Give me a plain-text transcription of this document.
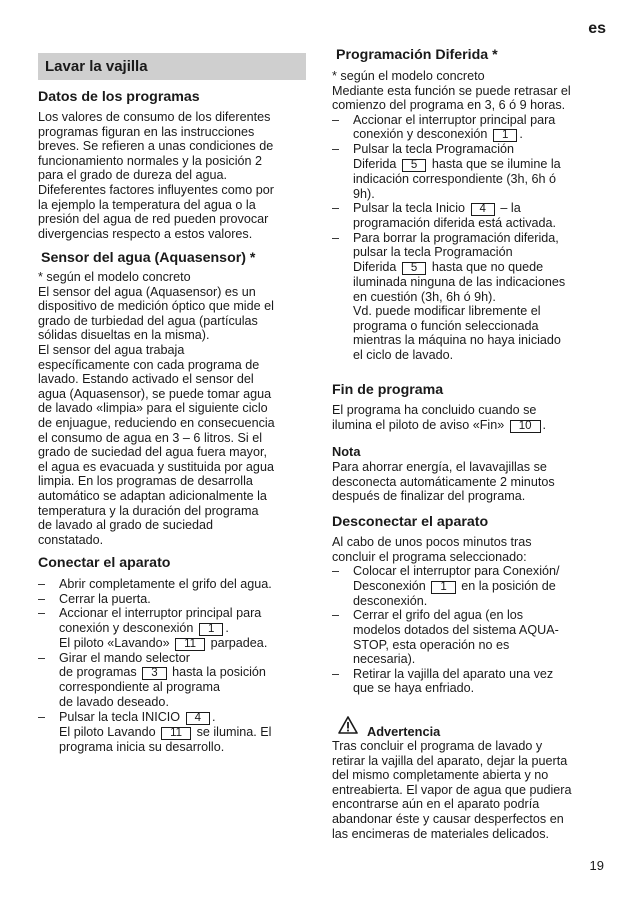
es
Lavar la vajilla
Datos de los programas

Los valores de consumo de los diferentes

programas figuran en las instrucciones

breves. Se refieren a unas condiciones de

funcionamiento normales y la posición 2

para el grado de dureza del agua.

Difeferentes factores influyentes como por

la ejemplo la temperatura del agua o la

presión del agua de red pueden provocar

divergencias respecto a estos valores.

Sensor del agua (Aquasensor) *

* según el modelo concreto

El sensor del agua (Aquasensor) es un

dispositivo de medición óptico que mide el

grado de turbiedad del agua (partículas

sólidas disueltas en la misma).

El sensor del agua trabaja

específicamente con cada programa de

lavado. Estando activado el sensor del

agua (Aquasensor), se puede tomar agua

de lavado «limpia» para el siguiente ciclo

de enjuague, reduciendo en consecuencia

el consumo de agua en 3 – 6 litros. Si el

grado de suciedad del agua fuera mayor,

el agua es evacuada y sustituida por agua

limpia. En los programas de desarrolla

automático se adaptan adicionalmente la

temperatura y la duración del programa

de lavado al grado de suciedad

constatado.

Conectar el aparato
– Abrir completamente el grifo del agua.
– Cerrar la puerta.
– Accionar el interruptor principal para
conexión y desconexión 1 .
El piloto «Lavando» 11 parpadea.
– Girar el mando selector
de programas 3 hasta la posición
correspondiente al programa
de lavado deseado.
– Pulsar la tecla INICIO 4 .
El piloto Lavando 11 se ilumina. El
programa inicia su desarrollo.
Programación Diferida *

* según el modelo concreto

Mediante esta función se puede retrasar el

comienzo del programa en 3, 6 ó 9 horas.

– Accionar el interruptor principal para
conexión y desconexión 1 .
– Pulsar la tecla Programación
Diferida 5 hasta que se ilumine la
indicación correspondiente (3h, 6h ó
9h).
– Pulsar la tecla Inicio 4 – la
programación diferida está activada.
– Para borrar la programación diferida,
pulsar la tecla Programación
Diferida 5 hasta que no quede
iluminada ninguna de las indicaciones
en cuestión (3h, 6h ó 9h).
Vd. puede modificar libremente el
programa o función seleccionada
mientras la máquina no haya iniciado
el ciclo de lavado.
Fin de programa

El programa ha concluido cuando se

ilumina el piloto de aviso «Fin» 10 .

Nota

Para ahorrar energía, el lavavajillas se

desconecta automáticamente 2 minutos

después de finalizar del programa.

Desconectar el aparato

Al cabo de unos pocos minutos tras

concluir el programa seleccionado:

– Colocar el interruptor para Conexión/
Desconexión 1 en la posición de
desconexión.
– Cerrar el grifo del agua (en los
modelos dotados del sistema AQUA-
STOP, esta operación no es
necesaria).
– Retirar la vajilla del aparato una vez
que se haya enfriado.
Advertencia

Tras concluir el programa de lavado y

retirar la vajilla del aparato, dejar la puerta

del mismo completamente abierta y no

entreabierta. El vapor de agua que pudiera

encontrarse aún en el aparato podría

abandonar éste y causar desperfectos en

las encimeras de materiales delicados.

19
